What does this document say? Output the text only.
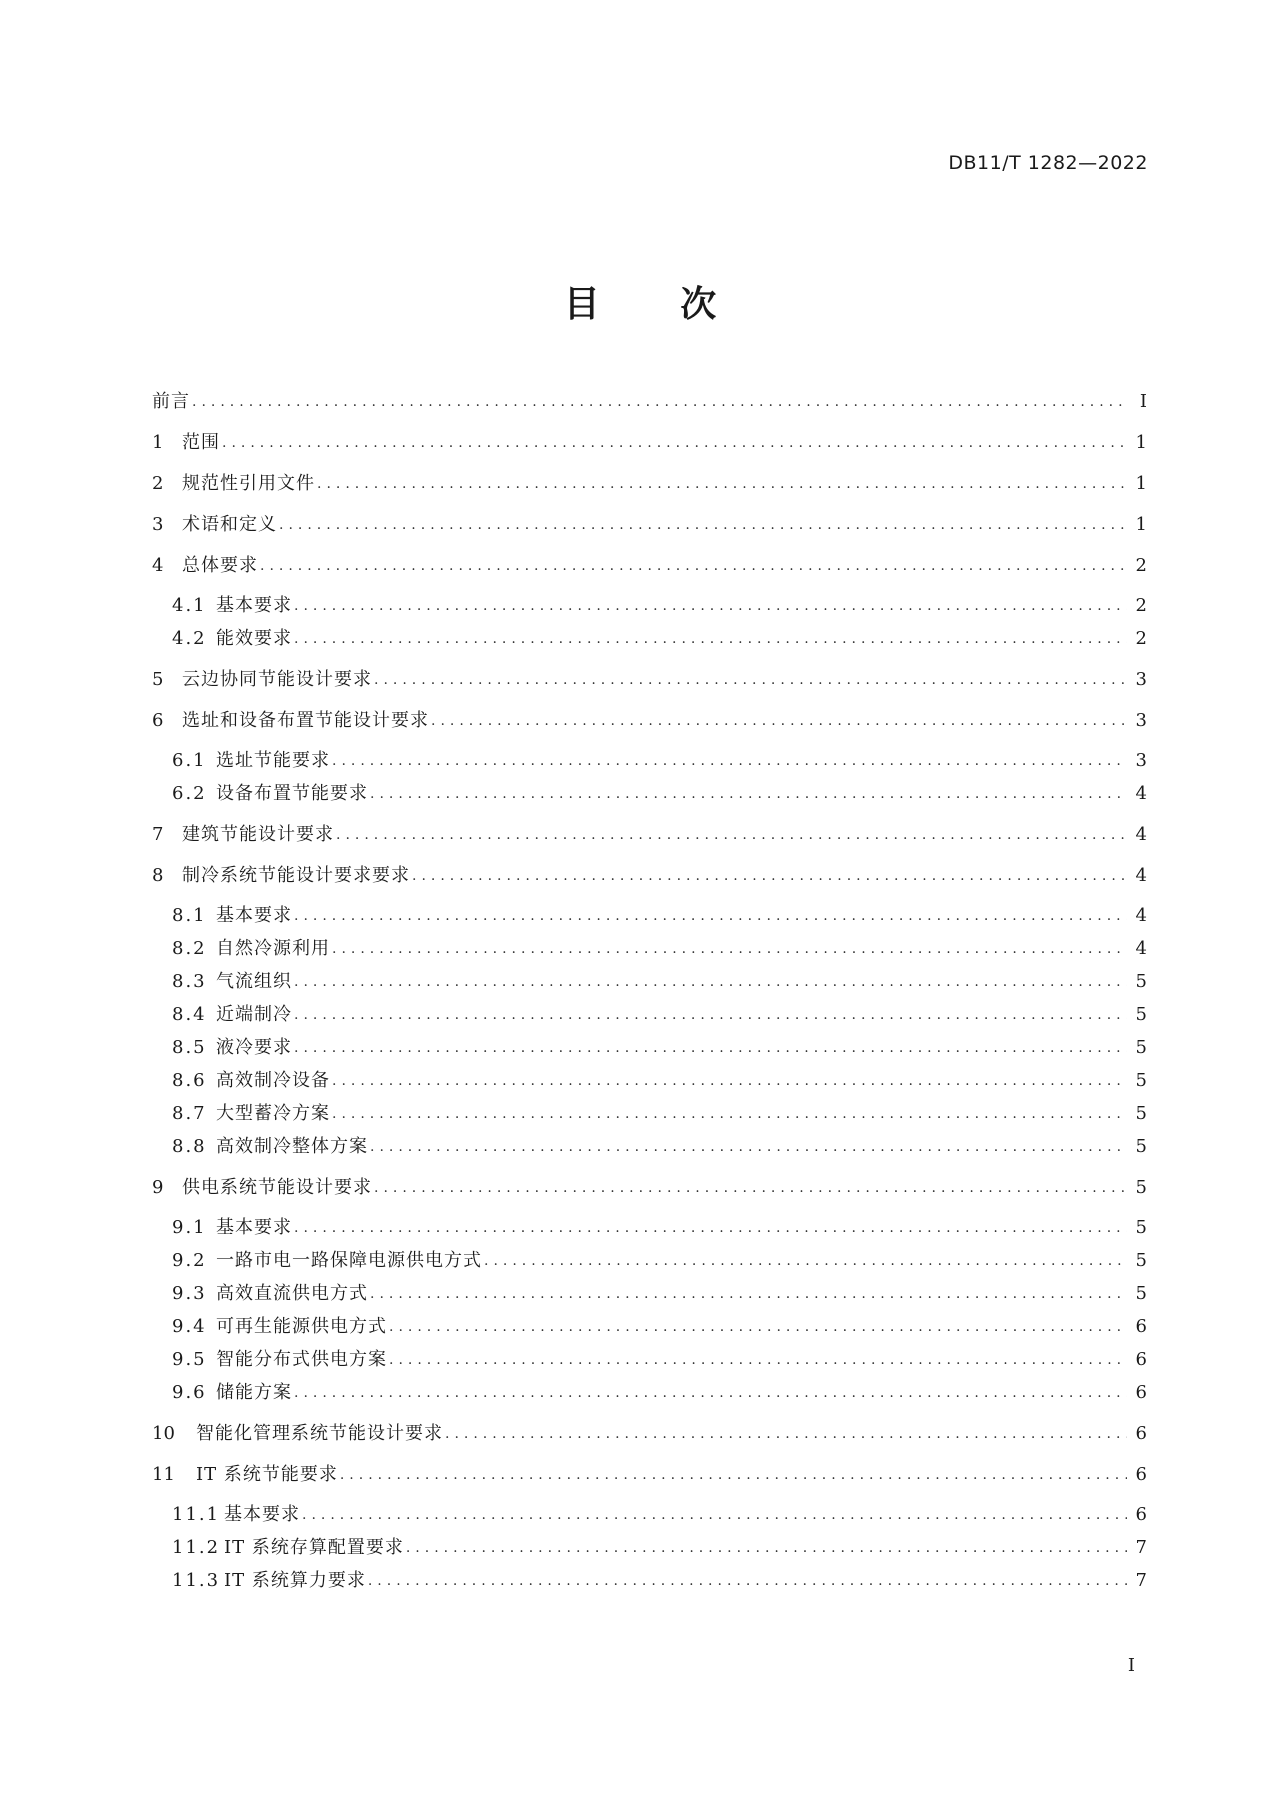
DB11/T 1282—2022
目 次
前言 .....	I
1	范围 .....	1
2	规范性引用文件 .....	1
3	术语和定义 .....	1
4	总体要求 .....	2
4.1 基本要求 .....	2
4.2 能效要求 .....	2
5	云边协同节能设计要求 .....	3
6	选址和设备布置节能设计要求 .....	3
6.1 选址节能要求 .....	3
6.2 设备布置节能要求 .....	4
7	建筑节能设计要求 .....	4
8	制冷系统节能设计要求要求 .....	4
8.1 基本要求 .....	4
8.2 自然冷源利用 .....	4
8.3 气流组织 .....	5
8.4 近端制冷 .....	5
8.5 液冷要求 .....	5
8.6 高效制冷设备 .....	5
8.7 大型蓄冷方案 .....	5
8.8 高效制冷整体方案 .....	5
9	供电系统节能设计要求 .....	5
9.1 基本要求 .....	5
9.2 一路市电一路保障电源供电方式 .....	5
9.3 高效直流供电方式 .....	5
9.4 可再生能源供电方式 .....	6
9.5 智能分布式供电方案 .....	6
9.6 储能方案 .....	6
10	智能化管理系统节能设计要求 .....	6
11	IT 系统节能要求 .....	6
11.1 基本要求 .....	6
11.2 IT 系统存算配置要求 .....	7
11.3 IT 系统算力要求 .....	7
I
